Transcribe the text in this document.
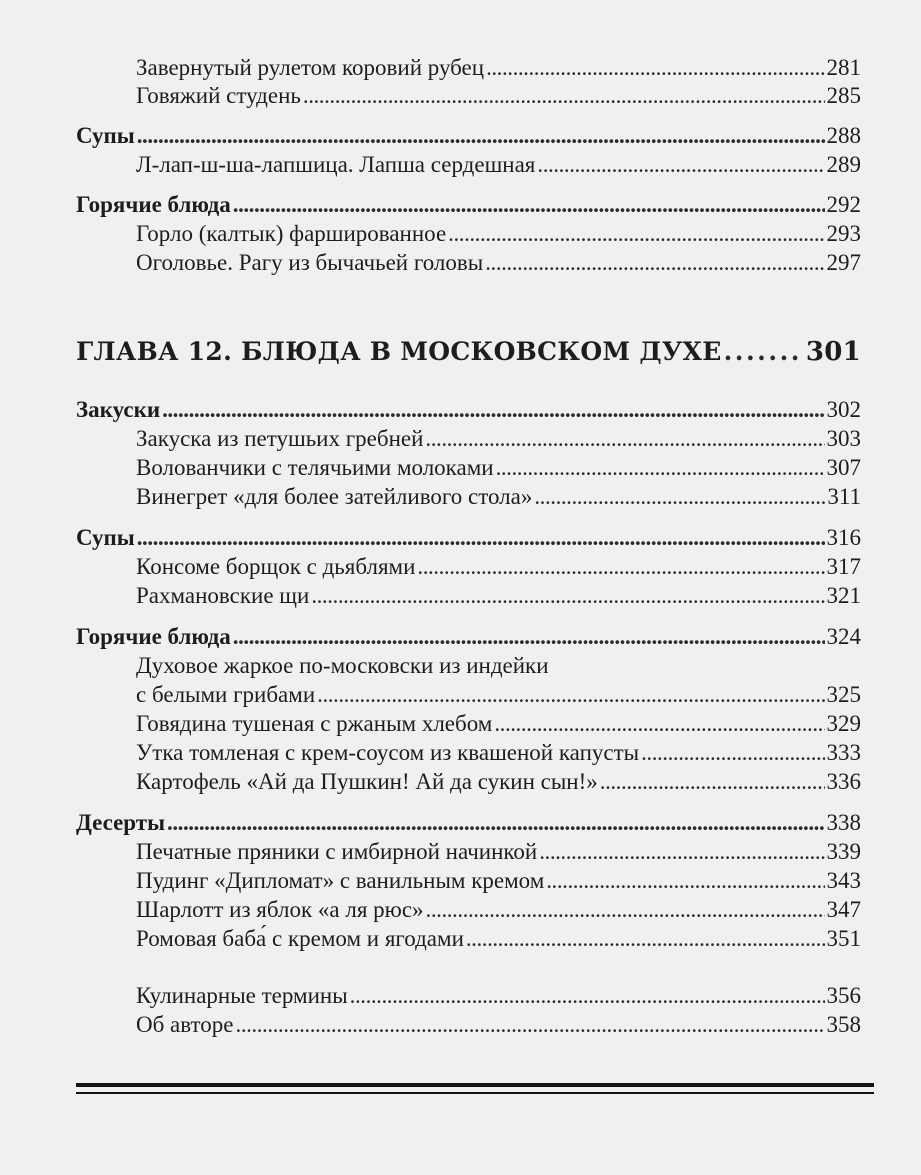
Завернутый рулетом коровий рубец . . .	281
Говяжий студень . . .	285
Супы . . .	288
Л-лап-ш-ша-лапшица. Лапша сердешная . . .	289
Горячие блюда . . .	292
Горло (калтык) фаршированное . . .	293
Оголовье. Рагу из бычачьей головы . . .	297
ГЛАВА 12. БЛЮДА В МОСКОВСКОМ ДУХЕ . . .	301
Закуски . . .	302
Закуска из петушьих гребней . . .	303
Волованчики с телячьими молоками . . .	307
Винегрет «для более затейливого стола» . . .	311
Супы . . .	316
Консоме борщок с дьяблями . . .	317
Рахмановские щи . . .	321
Горячие блюда . . .	324
Духовое жаркое по-московски из индейки
с белыми грибами . . .	325
Говядина тушеная с ржаным хлебом . . .	329
Утка томленая с крем-соусом из квашеной капусты . . .	333
Картофель «Ай да Пушкин! Ай да сукин сын!» . . .	336
Десерты . . .	338
Печатные пряники с имбирной начинкой . . .	339
Пудинг «Дипломат» с ванильным кремом . . .	343
Шарлотт из яблок «а ля рюс» . . .	347
Ромовая баба́ с кремом и ягодами . . .	351
Кулинарные термины . . .	356
Об авторе . . .	358
